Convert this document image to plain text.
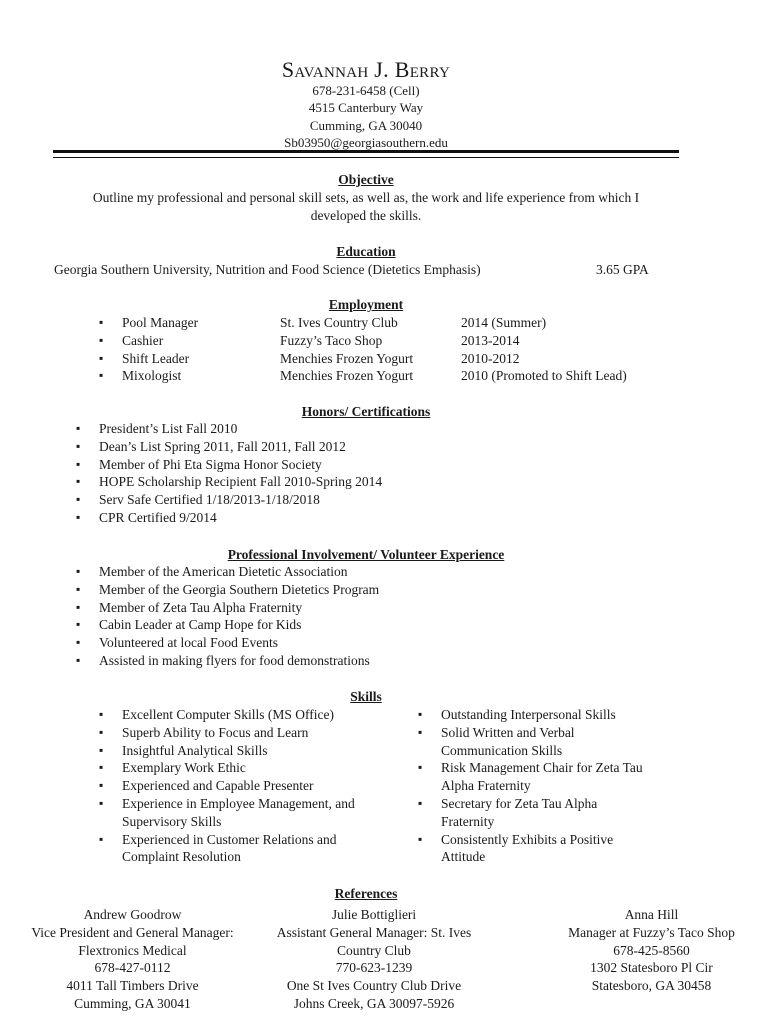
Savannah J. Berry
678-231-6458 (Cell)
4515 Canterbury Way
Cumming, GA 30040
Sb03950@georgiasouthern.edu
Objective
Outline my professional and personal skill sets, as well as, the work and life experience from which I
developed the skills.
Education
Georgia Southern University, Nutrition and Food Science (Dietetics Emphasis)	3.65 GPA
Employment
▪ Pool Manager	St. Ives Country Club	2014 (Summer)
▪ Cashier	Fuzzy’s Taco Shop	2013-2014
▪ Shift Leader	Menchies Frozen Yogurt	2010-2012
▪ Mixologist	Menchies Frozen Yogurt	2010 (Promoted to Shift Lead)
Honors/ Certifications
▪ President’s List Fall 2010
▪ Dean’s List Spring 2011, Fall 2011, Fall 2012
▪ Member of Phi Eta Sigma Honor Society
▪ HOPE Scholarship Recipient Fall 2010-Spring 2014
▪ Serv Safe Certified 1/18/2013-1/18/2018
▪ CPR Certified 9/2014
Professional Involvement/ Volunteer Experience
▪ Member of the American Dietetic Association
▪ Member of the Georgia Southern Dietetics Program
▪ Member of Zeta Tau Alpha Fraternity
▪ Cabin Leader at Camp Hope for Kids
▪ Volunteered at local Food Events
▪ Assisted in making flyers for food demonstrations
Skills
▪ Excellent Computer Skills (MS Office)
▪ Superb Ability to Focus and Learn
▪ Insightful Analytical Skills
▪ Exemplary Work Ethic
▪ Experienced and Capable Presenter
▪ Experience in Employee Management, and Supervisory Skills
▪ Experienced in Customer Relations and Complaint Resolution
▪ Outstanding Interpersonal Skills
▪ Solid Written and Verbal Communication Skills
▪ Risk Management Chair for Zeta Tau Alpha Fraternity
▪ Secretary for Zeta Tau Alpha Fraternity
▪ Consistently Exhibits a Positive Attitude
References
Andrew Goodrow
Vice President and General Manager:
Flextronics Medical
678-427-0112
4011 Tall Timbers Drive
Cumming, GA 30041
Julie Bottiglieri
Assistant General Manager: St. Ives
Country Club
770-623-1239
One St Ives Country Club Drive
Johns Creek, GA 30097-5926
Anna Hill
Manager at Fuzzy’s Taco Shop
678-425-8560
1302 Statesboro Pl Cir
Statesboro, GA 30458
